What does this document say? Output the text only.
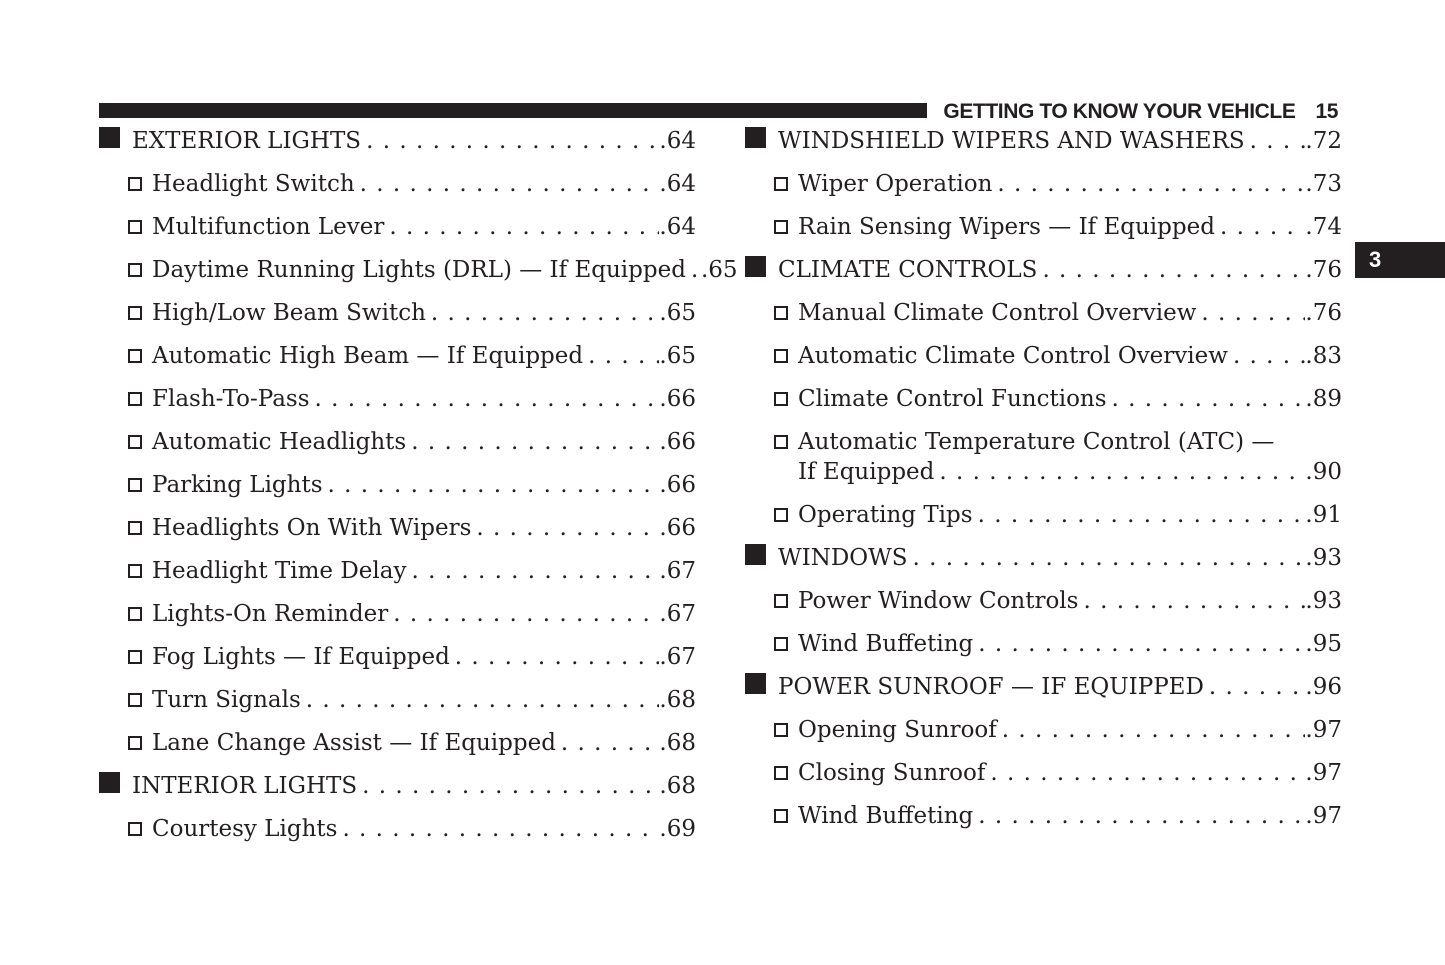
GETTING TO KNOW YOUR VEHICLE 15
3
EXTERIOR LIGHTS . . .	. 64
Headlight Switch . . .	. 64
Multifunction Lever . . .	. 64
Daytime Running Lights (DRL) — If Equipped . . . . 65
High/Low Beam Switch . . .	. 65
Automatic High Beam — If Equipped . . .	. 65
Flash-To-Pass . . .	. 66
Automatic Headlights . . .	. 66
Parking Lights . . .	. 66
Headlights On With Wipers . . .	. 66
Headlight Time Delay . . .	. 67
Lights-On Reminder . . .	. 67
Fog Lights — If Equipped . . .	. 67
Turn Signals . . .	. 68
Lane Change Assist — If Equipped . . .	. 68
INTERIOR LIGHTS . . .	. 68
Courtesy Lights . . .	. 69
WINDSHIELD WIPERS AND WASHERS . . .	. 72
Wiper Operation . . .	. 73
Rain Sensing Wipers — If Equipped . . .	. 74
CLIMATE CONTROLS . . .	. 76
Manual Climate Control Overview . . .	. 76
Automatic Climate Control Overview . . .	. 83
Climate Control Functions . . .	. 89
Automatic Temperature Control (ATC) —
If Equipped . . .	. 90
Operating Tips . . .	. 91
WINDOWS . . .	. 93
Power Window Controls . . .	. 93
Wind Buffeting . . .	. 95
POWER SUNROOF — IF EQUIPPED . . .	. 96
Opening Sunroof . . .	. 97
Closing Sunroof . . .	. 97
Wind Buffeting . . .	. 97
